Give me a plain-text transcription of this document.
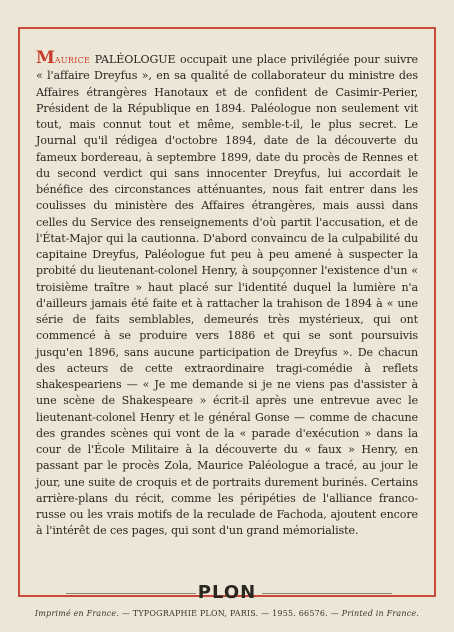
Maurice PALÉOLOGUE occupait une place privilégiée pour suivre « l'affaire Dreyfus », en sa qualité de collaborateur du ministre des Affaires étrangères Hanotaux et de confident de Casimir-Perier, Président de la République en 1894. Paléologue non seulement vit tout, mais connut tout et même, semble-t-il, le plus secret. Le Journal qu'il rédigea d'octobre 1894, date de la découverte du fameux bordereau, à septembre 1899, date du procès de Rennes et du second verdict qui sans innocenter Dreyfus, lui accordait le bénéfice des circonstances atténuantes, nous fait entrer dans les coulisses du ministère des Affaires étrangères, mais aussi dans celles du Service des renseignements d'où partit l'accusation, et de l'État-Major qui la cautionna. D'abord convaincu de la culpabilité du capitaine Dreyfus, Paléologue fut peu à peu amené à suspecter la probité du lieutenant-colonel Henry, à soupçonner l'existence d'un « troisième traître » haut placé sur l'identité duquel la lumière n'a d'ailleurs jamais été faite et à rattacher la trahison de 1894 à « une série de faits semblables, demeurés très mystérieux, qui ont commencé à se produire vers 1886 et qui se sont poursuivis jusqu'en 1896, sans aucune participation de Dreyfus ». De chacun des acteurs de cette extraordinaire tragi-comédie à reflets shakespeariens — « Je me demande si je ne viens pas d'assister à une scène de Shakespeare » écrit-il après une entrevue avec le lieutenant-colonel Henry et le général Gonse — comme de chacune des grandes scènes qui vont de la « parade d'exécution » dans la cour de l'École Militaire à la découverte du « faux » Henry, en passant par le procès Zola, Maurice Paléologue a tracé, au jour le jour, une suite de croquis et de portraits durement burinés. Certains arrière-plans du récit, comme les péripéties de l'alliance franco-russe ou les vrais motifs de la reculade de Fachoda, ajoutent encore à l'intérêt de ces pages, qui sont d'un grand mémorialiste.
PLON
Imprimé en France. — TYPOGRAPHIE PLON, PARIS. — 1955. 66576. — Printed in France.
